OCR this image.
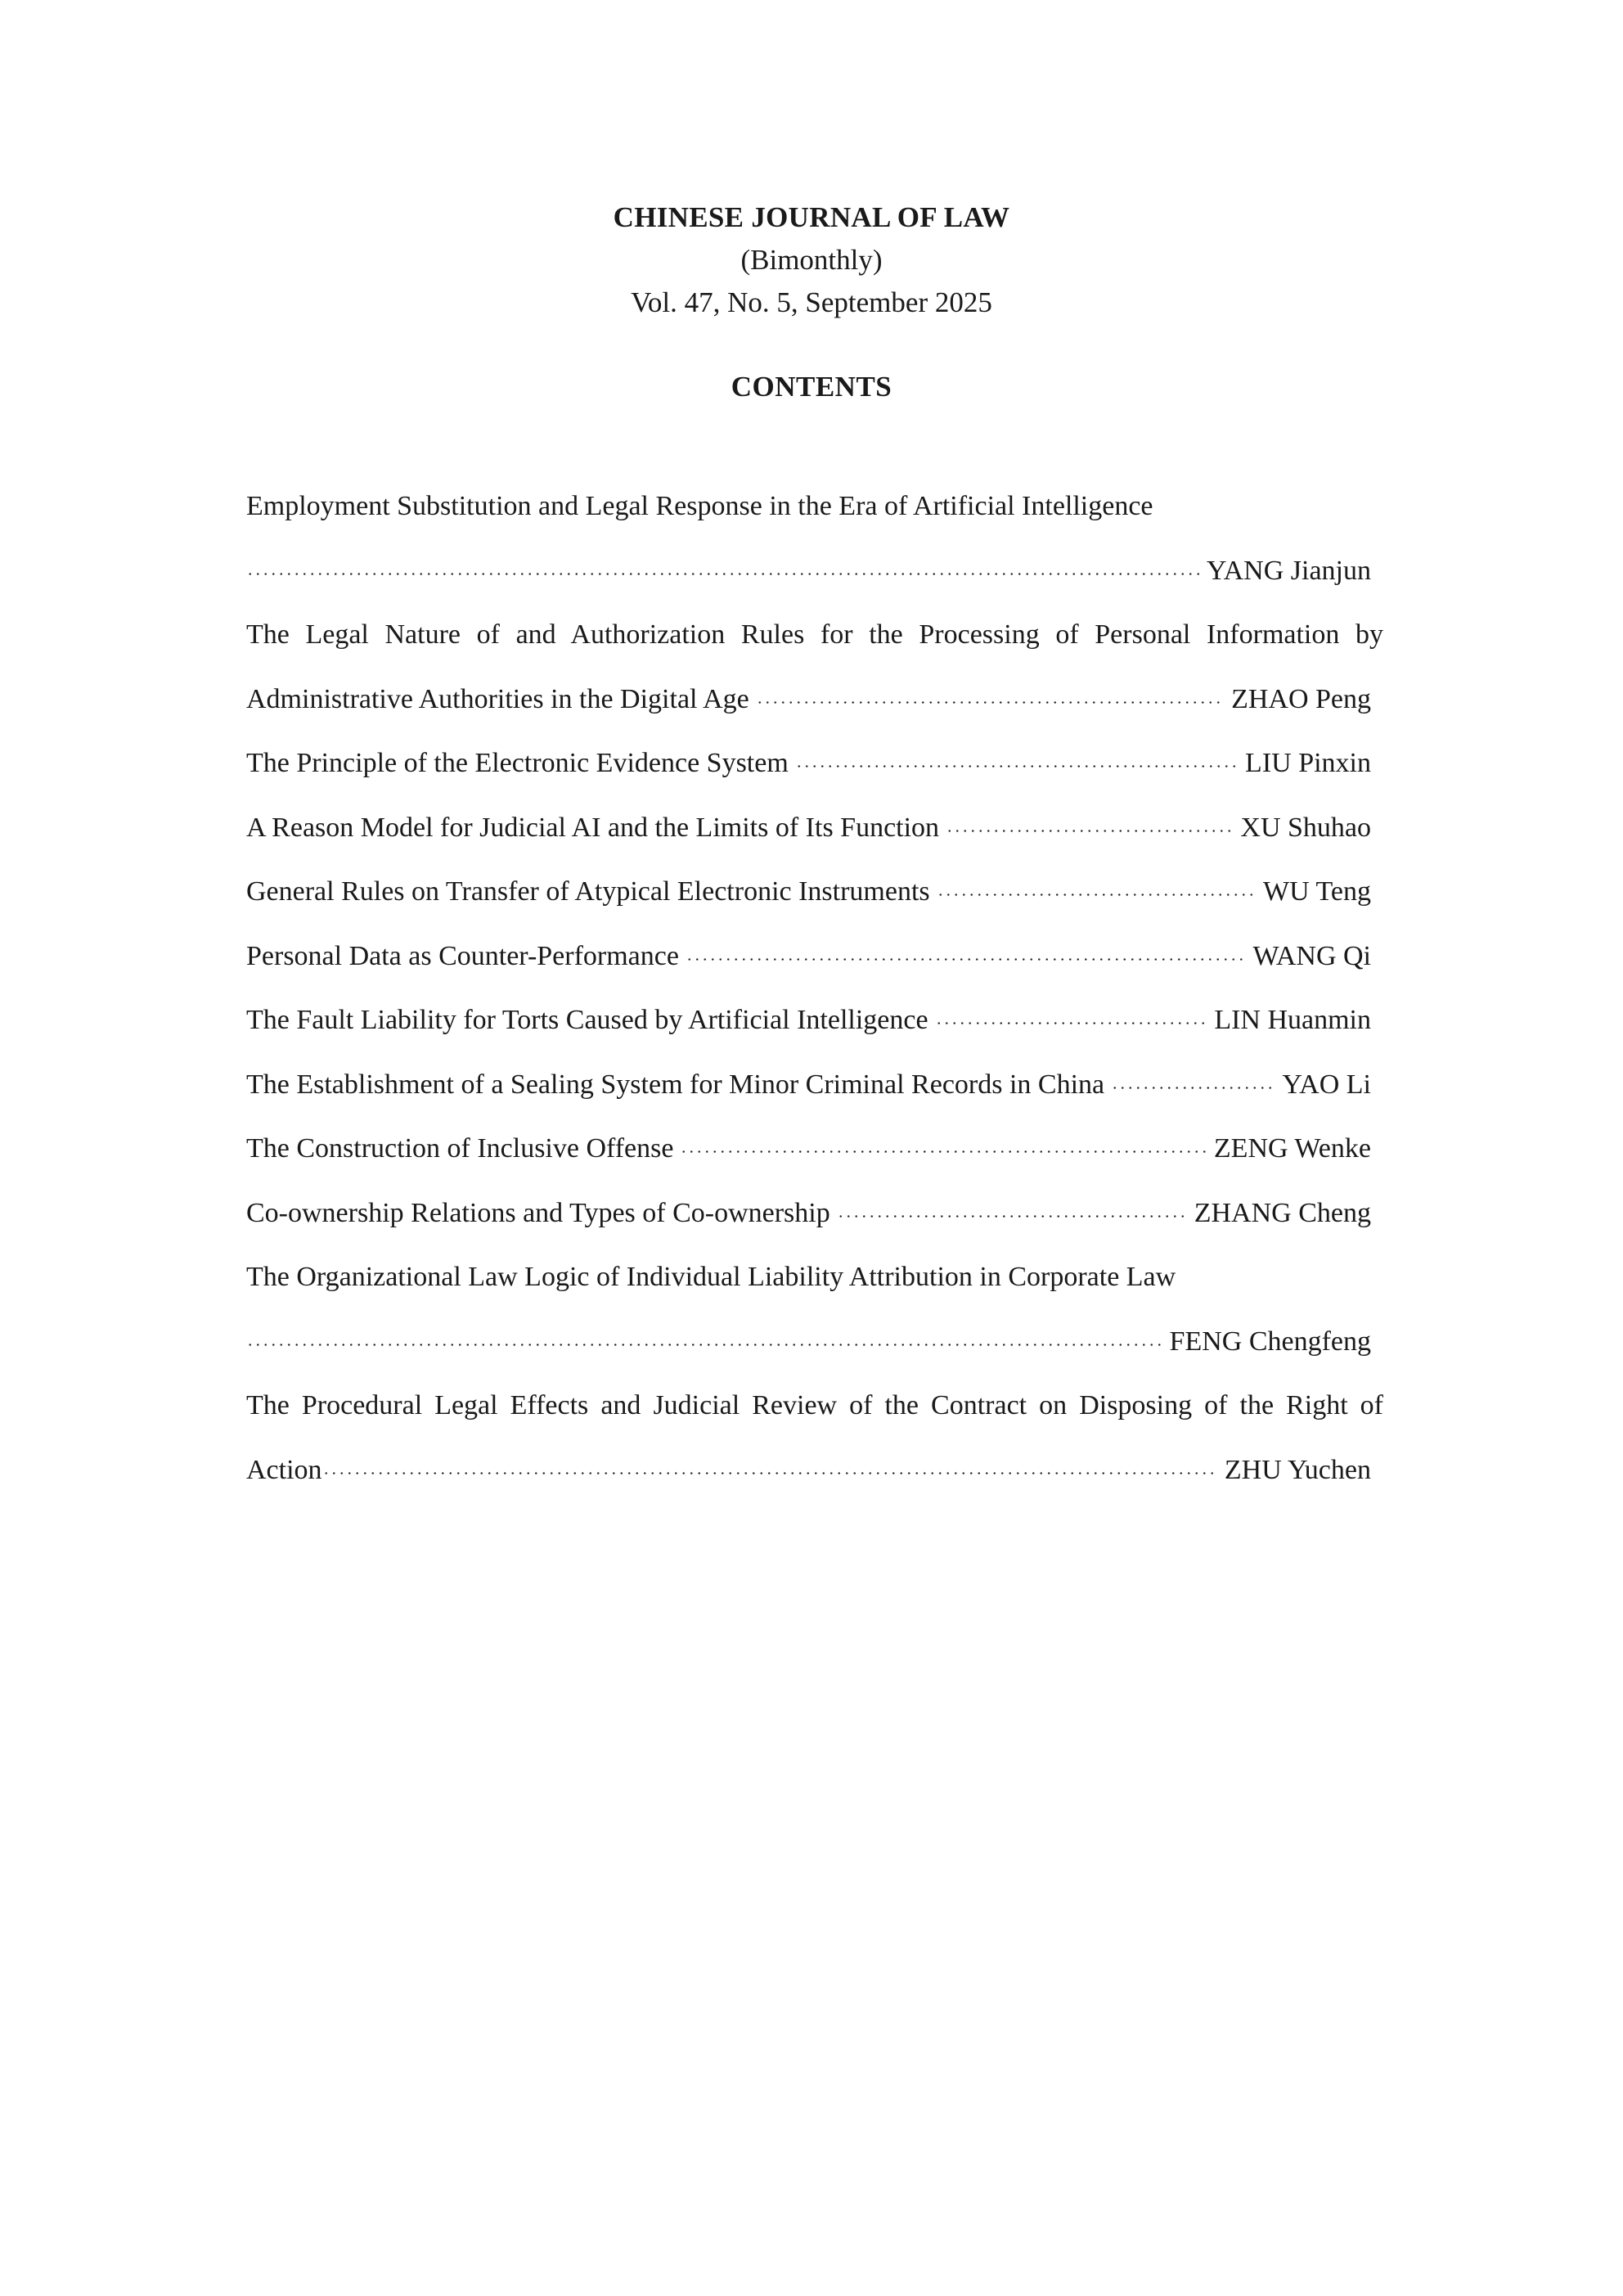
CHINESE JOURNAL OF LAW

(Bimonthly)

Vol. 47, No. 5, September 2025

CONTENTS

Employment Substitution and Legal Response in the Era of Artificial Intelligence
YANG Jianjun
The Legal Nature of and Authorization Rules for the Processing of Personal Information by
Administrative Authorities in the Digital Age	ZHAO Peng
The Principle of the Electronic Evidence System	LIU Pinxin
A Reason Model for Judicial AI and the Limits of Its Function	XU Shuhao
General Rules on Transfer of Atypical Electronic Instruments	WU Teng
Personal Data as Counter-Performance	WANG Qi
The Fault Liability for Torts Caused by Artificial Intelligence	LIN Huanmin
The Establishment of a Sealing System for Minor Criminal Records in China	YAO Li
The Construction of Inclusive Offense	ZENG Wenke
Co-ownership Relations and Types of Co-ownership	ZHANG Cheng
The Organizational Law Logic of Individual Liability Attribution in Corporate Law
FENG Chengfeng
The Procedural Legal Effects and Judicial Review of the Contract on Disposing of the Right of
Action	ZHU Yuchen
